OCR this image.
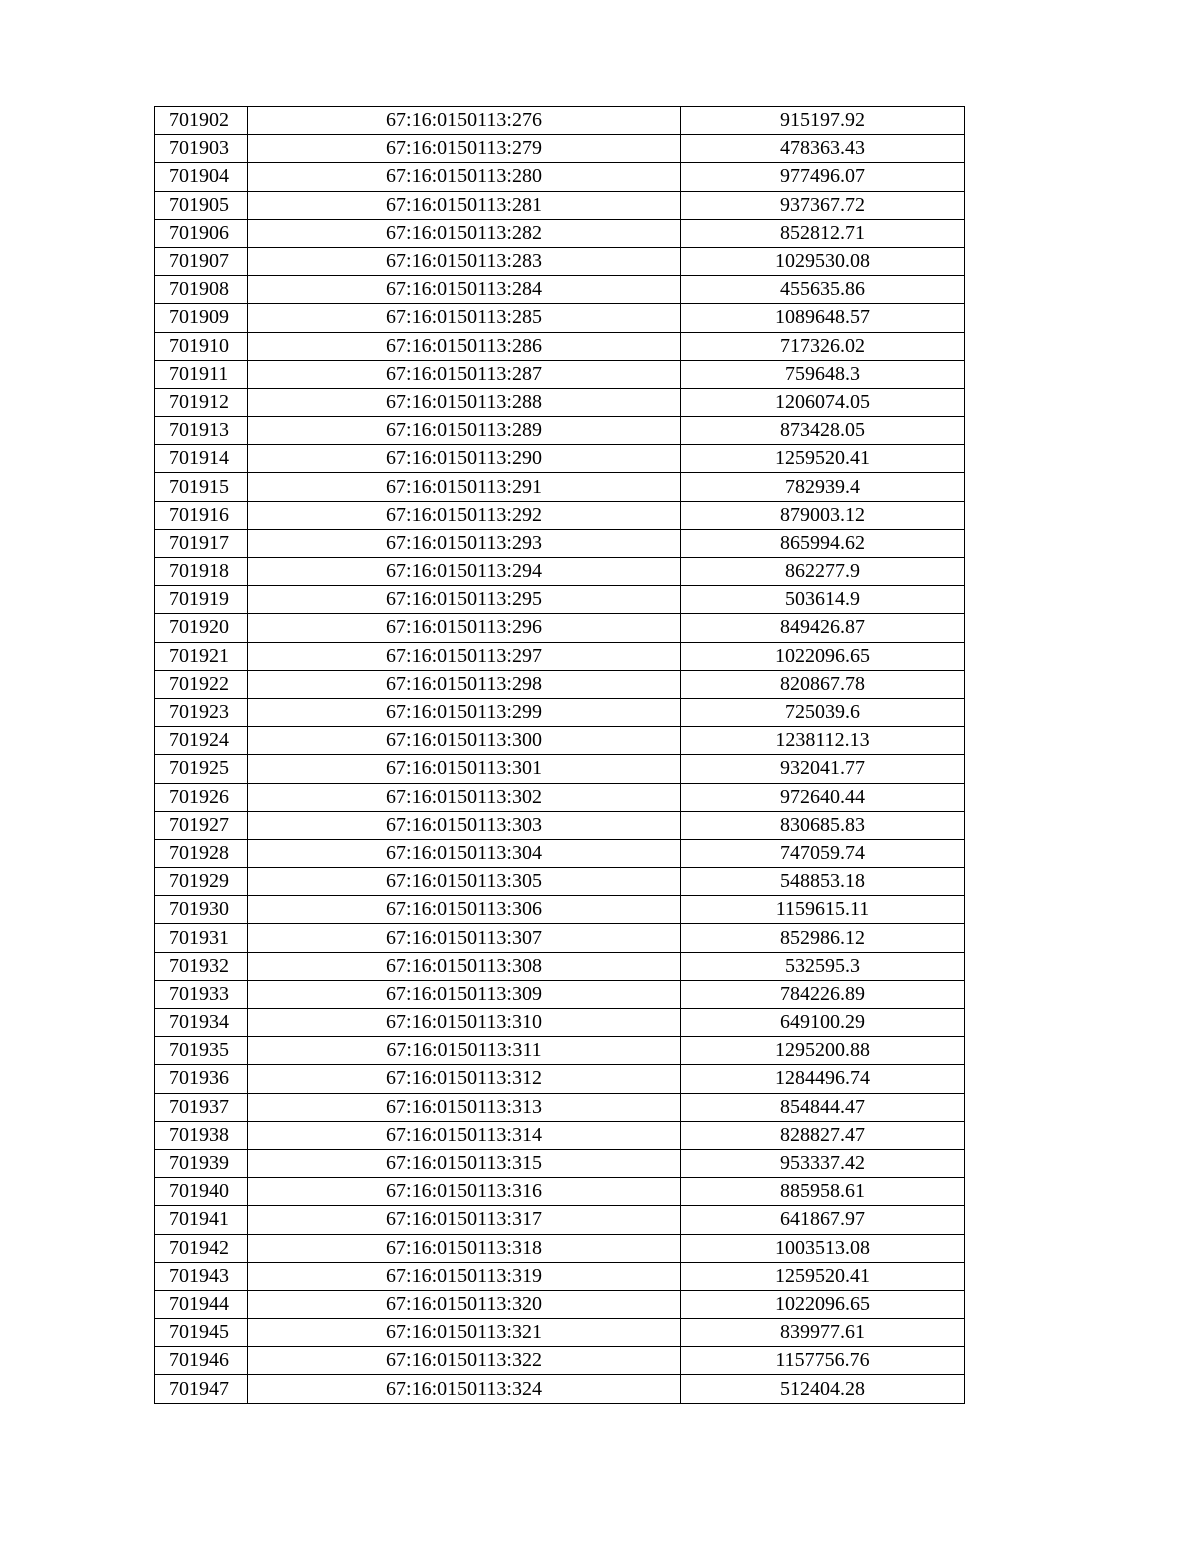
701902	67:16:0150113:276	915197.92
701903	67:16:0150113:279	478363.43
701904	67:16:0150113:280	977496.07
701905	67:16:0150113:281	937367.72
701906	67:16:0150113:282	852812.71
701907	67:16:0150113:283	1029530.08
701908	67:16:0150113:284	455635.86
701909	67:16:0150113:285	1089648.57
701910	67:16:0150113:286	717326.02
701911	67:16:0150113:287	759648.3
701912	67:16:0150113:288	1206074.05
701913	67:16:0150113:289	873428.05
701914	67:16:0150113:290	1259520.41
701915	67:16:0150113:291	782939.4
701916	67:16:0150113:292	879003.12
701917	67:16:0150113:293	865994.62
701918	67:16:0150113:294	862277.9
701919	67:16:0150113:295	503614.9
701920	67:16:0150113:296	849426.87
701921	67:16:0150113:297	1022096.65
701922	67:16:0150113:298	820867.78
701923	67:16:0150113:299	725039.6
701924	67:16:0150113:300	1238112.13
701925	67:16:0150113:301	932041.77
701926	67:16:0150113:302	972640.44
701927	67:16:0150113:303	830685.83
701928	67:16:0150113:304	747059.74
701929	67:16:0150113:305	548853.18
701930	67:16:0150113:306	1159615.11
701931	67:16:0150113:307	852986.12
701932	67:16:0150113:308	532595.3
701933	67:16:0150113:309	784226.89
701934	67:16:0150113:310	649100.29
701935	67:16:0150113:311	1295200.88
701936	67:16:0150113:312	1284496.74
701937	67:16:0150113:313	854844.47
701938	67:16:0150113:314	828827.47
701939	67:16:0150113:315	953337.42
701940	67:16:0150113:316	885958.61
701941	67:16:0150113:317	641867.97
701942	67:16:0150113:318	1003513.08
701943	67:16:0150113:319	1259520.41
701944	67:16:0150113:320	1022096.65
701945	67:16:0150113:321	839977.61
701946	67:16:0150113:322	1157756.76
701947	67:16:0150113:324	512404.28
